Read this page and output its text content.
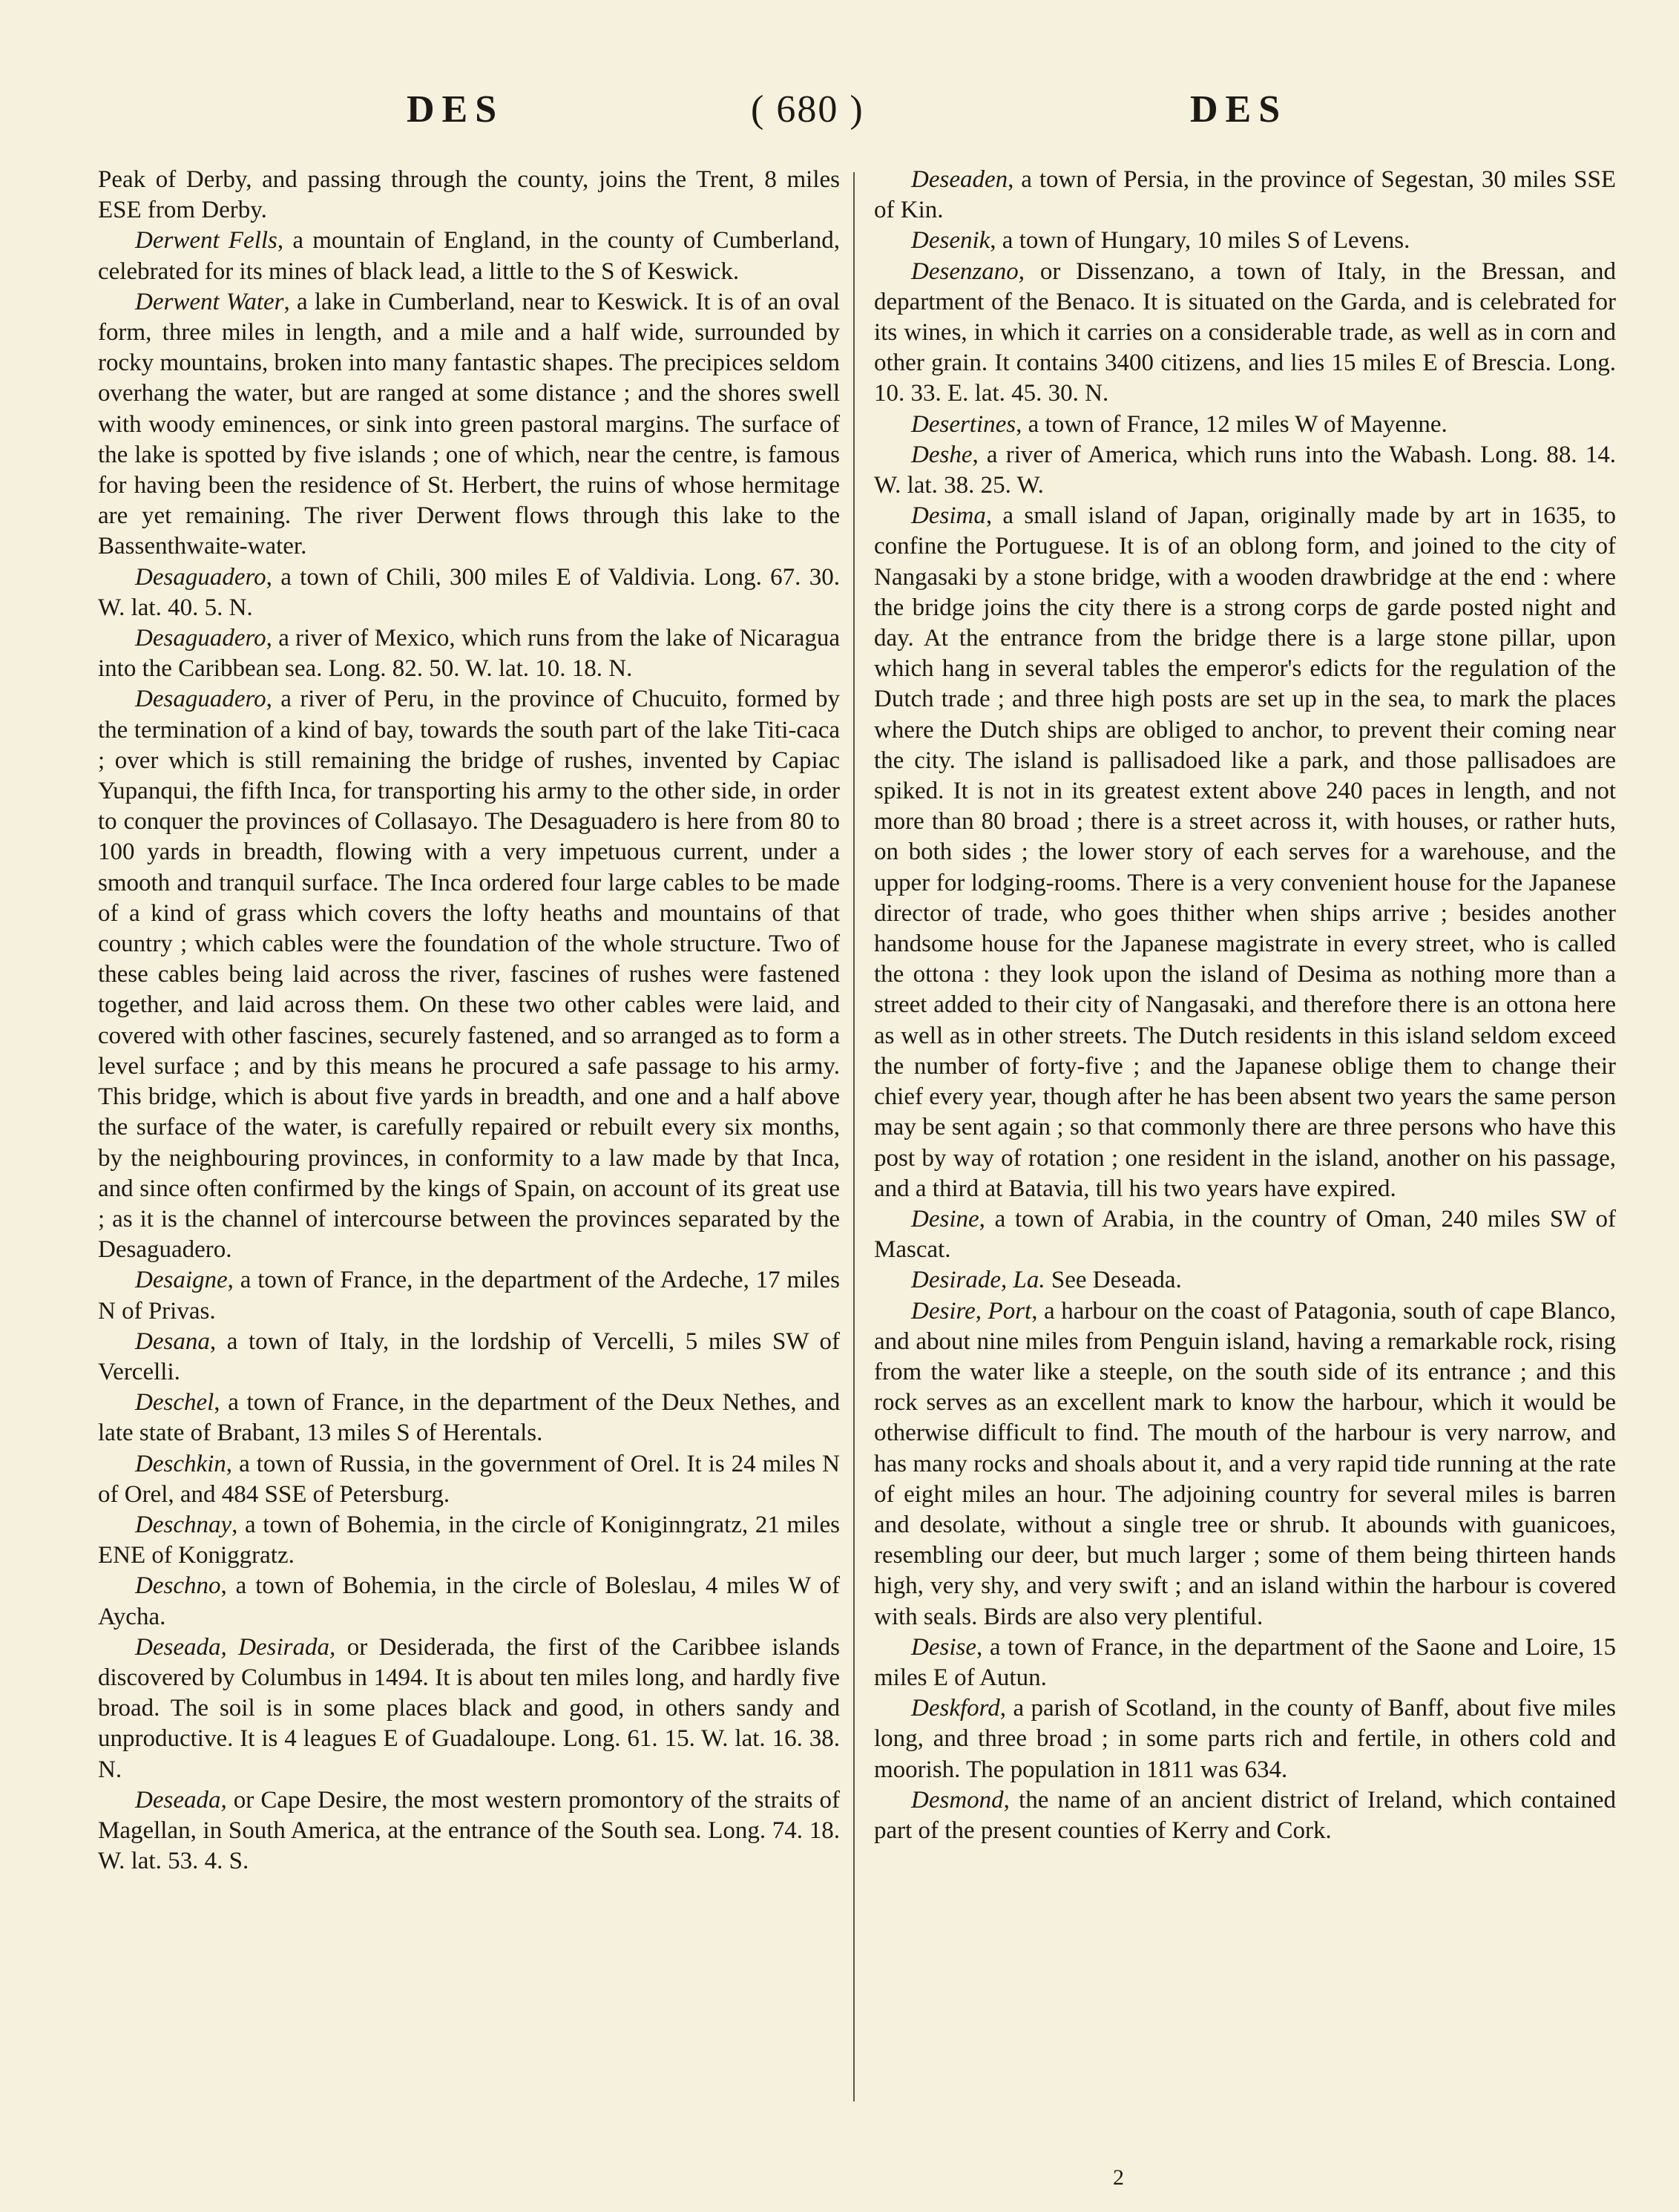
DES	( 680 )	DES

Peak of Derby, and passing through the county, joins the Trent, 8 miles ESE from Derby.

Derwent Fells, a mountain of England, in the county of Cumberland, celebrated for its mines of black lead, a little to the S of Keswick.

Derwent Water, a lake in Cumberland, near to Keswick. It is of an oval form, three miles in length, and a mile and a half wide, surrounded by rocky mountains, broken into many fantastic shapes. The precipices seldom overhang the water, but are ranged at some distance ; and the shores swell with woody eminences, or sink into green pastoral margins. The surface of the lake is spotted by five islands ; one of which, near the centre, is famous for having been the residence of St. Herbert, the ruins of whose hermitage are yet remaining. The river Derwent flows through this lake to the Bassenthwaite-water.

Desaguadero, a town of Chili, 300 miles E of Valdivia. Long. 67. 30. W. lat. 40. 5. N.

Desaguadero, a river of Mexico, which runs from the lake of Nicaragua into the Caribbean sea. Long. 82. 50. W. lat. 10. 18. N.

Desaguadero, a river of Peru, in the province of Chucuito, formed by the termination of a kind of bay, towards the south part of the lake Titi-caca ; over which is still remaining the bridge of rushes, invented by Capiac Yupanqui, the fifth Inca, for transporting his army to the other side, in order to conquer the provinces of Collasayo. The Desaguadero is here from 80 to 100 yards in breadth, flowing with a very impetuous current, under a smooth and tranquil surface. The Inca ordered four large cables to be made of a kind of grass which covers the lofty heaths and mountains of that country ; which cables were the foundation of the whole structure. Two of these cables being laid across the river, fascines of rushes were fastened together, and laid across them. On these two other cables were laid, and covered with other fascines, securely fastened, and so arranged as to form a level surface ; and by this means he procured a safe passage to his army. This bridge, which is about five yards in breadth, and one and a half above the surface of the water, is carefully repaired or rebuilt every six months, by the neighbouring provinces, in conformity to a law made by that Inca, and since often confirmed by the kings of Spain, on account of its great use ; as it is the channel of intercourse between the provinces separated by the Desaguadero.

Desaigne, a town of France, in the department of the Ardeche, 17 miles N of Privas.

Desana, a town of Italy, in the lordship of Vercelli, 5 miles SW of Vercelli.

Deschel, a town of France, in the department of the Deux Nethes, and late state of Brabant, 13 miles S of Herentals.

Deschkin, a town of Russia, in the government of Orel. It is 24 miles N of Orel, and 484 SSE of Petersburg.

Deschnay, a town of Bohemia, in the circle of Koniginngratz, 21 miles ENE of Koniggratz.

Deschno, a town of Bohemia, in the circle of Boleslau, 4 miles W of Aycha.

Deseada, Desirada, or Desiderada, the first of the Caribbee islands discovered by Columbus in 1494. It is about ten miles long, and hardly five broad. The soil is in some places black and good, in others sandy and unproductive. It is 4 leagues E of Guadaloupe. Long. 61. 15. W. lat. 16. 38. N.

Deseada, or Cape Desire, the most western promontory of the straits of Magellan, in South America, at the entrance of the South sea. Long. 74. 18. W. lat. 53. 4. S.

Deseaden, a town of Persia, in the province of Segestan, 30 miles SSE of Kin.

Desenik, a town of Hungary, 10 miles S of Levens.

Desenzano, or Dissenzano, a town of Italy, in the Bressan, and department of the Benaco. It is situated on the Garda, and is celebrated for its wines, in which it carries on a considerable trade, as well as in corn and other grain. It contains 3400 citizens, and lies 15 miles E of Brescia. Long. 10. 33. E. lat. 45. 30. N.

Desertines, a town of France, 12 miles W of Mayenne.

Deshe, a river of America, which runs into the Wabash. Long. 88. 14. W. lat. 38. 25. W.

Desima, a small island of Japan, originally made by art in 1635, to confine the Portuguese. It is of an oblong form, and joined to the city of Nangasaki by a stone bridge, with a wooden drawbridge at the end : where the bridge joins the city there is a strong corps de garde posted night and day. At the entrance from the bridge there is a large stone pillar, upon which hang in several tables the emperor's edicts for the regulation of the Dutch trade ; and three high posts are set up in the sea, to mark the places where the Dutch ships are obliged to anchor, to prevent their coming near the city. The island is pallisadoed like a park, and those pallisadoes are spiked. It is not in its greatest extent above 240 paces in length, and not more than 80 broad ; there is a street across it, with houses, or rather huts, on both sides ; the lower story of each serves for a warehouse, and the upper for lodging-rooms. There is a very convenient house for the Japanese director of trade, who goes thither when ships arrive ; besides another handsome house for the Japanese magistrate in every street, who is called the ottona : they look upon the island of Desima as nothing more than a street added to their city of Nangasaki, and therefore there is an ottona here as well as in other streets. The Dutch residents in this island seldom exceed the number of forty-five ; and the Japanese oblige them to change their chief every year, though after he has been absent two years the same person may be sent again ; so that commonly there are three persons who have this post by way of rotation ; one resident in the island, another on his passage, and a third at Batavia, till his two years have expired.

Desine, a town of Arabia, in the country of Oman, 240 miles SW of Mascat.

Desirade, La. See Deseada.

Desire, Port, a harbour on the coast of Patagonia, south of cape Blanco, and about nine miles from Penguin island, having a remarkable rock, rising from the water like a steeple, on the south side of its entrance ; and this rock serves as an excellent mark to know the harbour, which it would be otherwise difficult to find. The mouth of the harbour is very narrow, and has many rocks and shoals about it, and a very rapid tide running at the rate of eight miles an hour. The adjoining country for several miles is barren and desolate, without a single tree or shrub. It abounds with guanicoes, resembling our deer, but much larger ; some of them being thirteen hands high, very shy, and very swift ; and an island within the harbour is covered with seals. Birds are also very plentiful.

Desise, a town of France, in the department of the Saone and Loire, 15 miles E of Autun.

Deskford, a parish of Scotland, in the county of Banff, about five miles long, and three broad ; in some parts rich and fertile, in others cold and moorish. The population in 1811 was 634.

Desmond, the name of an ancient district of Ireland, which contained part of the present counties of Kerry and Cork.

2
